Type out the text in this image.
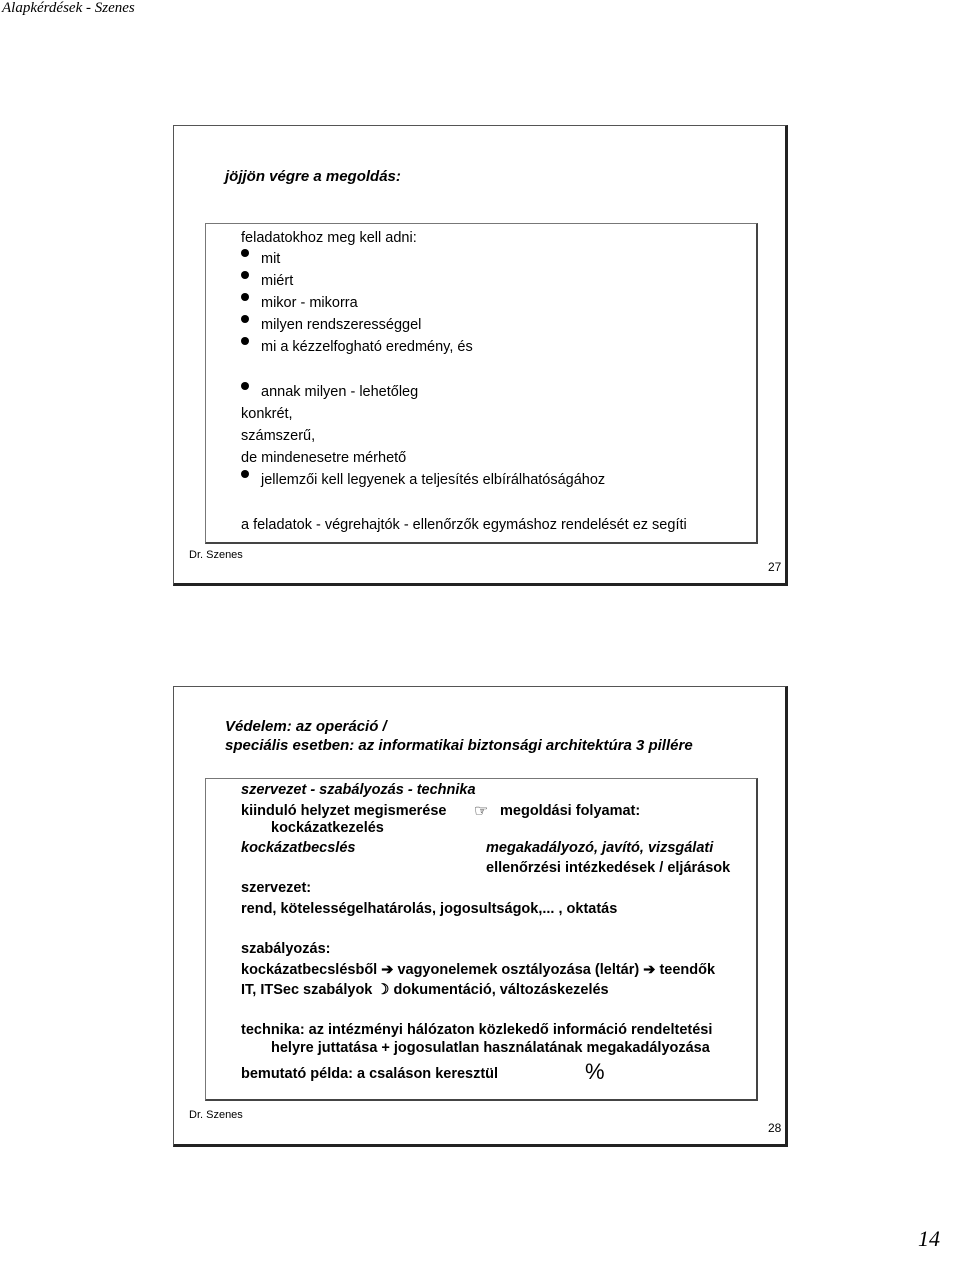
Alapkérdések - Szenes
jöjjön végre a megoldás:
feladatokhoz meg kell adni:
mit
miért
mikor - mikorra
milyen rendszerességgel
mi a kézzelfogható eredmény, és
annak milyen - lehetőleg
konkrét,
számszerű,
de mindenesetre mérhető
jellemzői kell legyenek a teljesítés elbírálhatóságához
a feladatok - végrehajtók - ellenőrzők egymáshoz rendelését ez segíti
Dr. Szenes
27
Védelem: az operáció /
speciális esetben: az informatikai biztonsági architektúra 3 pillére
szervezet - szabályozás - technika
kiinduló helyzet megismerése ☞ megoldási folyamat:
kockázatkezelés
kockázatbecslés	megakadályozó, javító, vizsgálati
ellenőrzési intézkedések / eljárások
szervezet:
rend, kötelességelhatárolás, jogosultságok,... , oktatás
szabályozás:
kockázatbecslésből ➔ vagyonelemek osztályozása (leltár) ➔ teendők
IT, ITSec szabályok ☽ dokumentáció, változáskezelés
technika: az intézményi hálózaton közlekedő információ rendeltetési
helyre juttatása + jogosulatlan használatának megakadályozása
bemutató példa: a csaláson keresztül	%
Dr. Szenes
28
14
